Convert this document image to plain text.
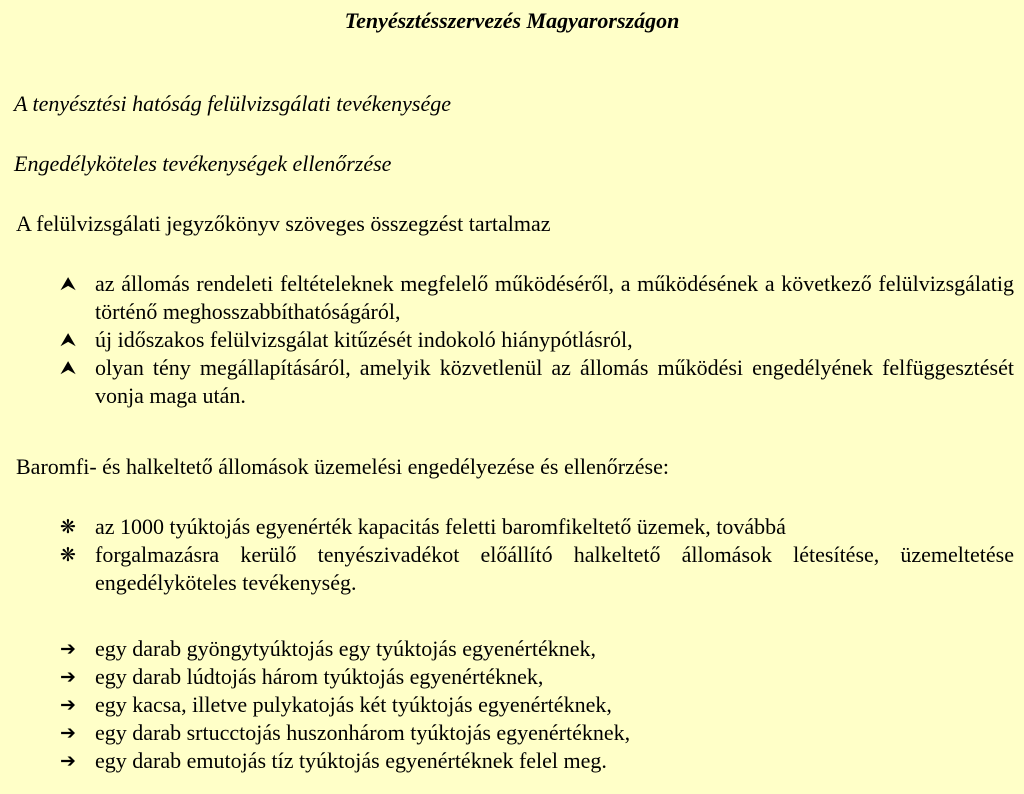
Tenyésztésszervezés Magyarországon
A tenyésztési hatóság felülvizsgálati tevékenysége
Engedélyköteles tevékenységek ellenőrzése
A felülvizsgálati jegyzőkönyv szöveges összegzést tartalmaz
⮝ az állomás rendeleti feltételeknek megfelelő működéséről, a működésének a következő felülvizsgálatig történő meghosszabbíthatóságáról,
⮝ új időszakos felülvizsgálat kitűzését indokoló hiánypótlásról,
⮝ olyan tény megállapításáról, amelyik közvetlenül az állomás működési engedélyének felfüggesztését vonja maga után.
Baromfi- és halkeltető állomások üzemelési engedélyezése és ellenőrzése:
❋ az 1000 tyúktojás egyenérték kapacitás feletti baromfikeltető üzemek, továbbá
❋ forgalmazásra kerülő tenyészivadékot előállító halkeltető állomások létesítése, üzemeltetése engedélyköteles tevékenység.
➔ egy darab gyöngytyúktojás egy tyúktojás egyenértéknek,
➔ egy darab lúdtojás három tyúktojás egyenértéknek,
➔ egy kacsa, illetve pulykatojás két tyúktojás egyenértéknek,
➔ egy darab srtucctojás huszonhárom tyúktojás egyenértéknek,
➔ egy darab emutojás tíz tyúktojás egyenértéknek felel meg.
